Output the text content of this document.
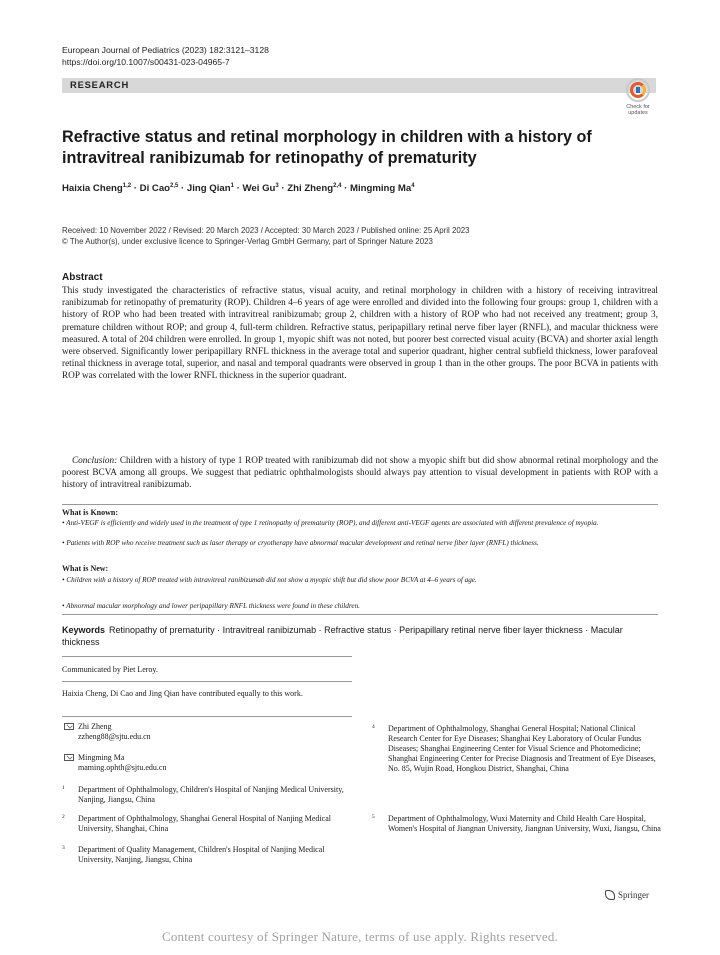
European Journal of Pediatrics (2023) 182:3121–3128
https://doi.org/10.1007/s00431-023-04965-7
RESEARCH
Check for updates
Refractive status and retinal morphology in children with a history of intravitreal ranibizumab for retinopathy of prematurity
Haixia Cheng$^{1,2}$ · Di Cao$^{2,5}$ · Jing Qian$^1$ · Wei $Gu^3$ · Zhi Zheng$^{2,4}$ · Mingming Ma$^4$
Received: 10 November 2022 / Revised: 20 March 2023 / Accepted: 30 March 2023 / Published online: 25 April 2023
© The Author(s), under exclusive licence to Springer-Verlag GmbH Germany, part of Springer Nature 2023
Abstract

This study investigated the characteristics of refractive status, visual acuity, and retinal morphology in children with a history of receiving intravitreal ranibizumab for retinopathy of prematurity (ROP). Children 4–6 years of age were enrolled and divided into the following four groups: group 1, children with a history of ROP who had been treated with intravitreal ranibizumab; group 2, children with a history of ROP who had not received any treatment; group 3, premature children without ROP; and group 4, full-term children. Refractive status, peripapillary retinal nerve fiber layer (RNFL), and macular thickness were measured. A total of 204 children were enrolled. In group 1, myopic shift was not noted, but poorer best corrected visual acuity (BCVA) and shorter axial length were observed. Significantly lower peripapillary RNFL thickness in the average total and superior quadrant, higher central subfield thickness, lower parafoveal retinal thickness in average total, superior, and nasal and temporal quadrants were observed in group 1 than in the other groups. The poor BCVA in patients with ROP was correlated with the lower RNFL thickness in the superior quadrant.

Conclusion: Children with a history of type 1 ROP treated with ranibizumab did not show a myopic shift but did show abnormal retinal morphology and the poorest BCVA among all groups. We suggest that pediatric ophthalmologists should always pay attention to visual development in patients with ROP with a history of intravitreal ranibizumab.

What is Known:

• Anti-VEGF is efficiently and widely used in the treatment of type 1 retinopathy of prematurity (ROP), and different anti-VEGF agents are associated with different prevalence of myopia.

• Patients with ROP who receive treatment such as laser therapy or cryotherapy have abnormal macular development and retinal nerve fiber layer (RNFL) thickness.

What is New:

• Children with a history of ROP treated with intravitreal ranibizumab did not show a myopic shift but did show poor BCVA at 4–6 years of age.

• Abnormal macular morphology and lower peripapillary RNFL thickness were found in these children.

Keywords Retinopathy of prematurity · Intravitreal ranibizumab · Refractive status · Peripapillary retinal nerve fiber layer thickness · Macular thickness
Communicated by Piet Leroy.
Haixia Cheng, Di Cao and Jing Qian have contributed equally to this work.
Zhi Zheng
zzheng88@sjtu.edu.cn
Mingming Ma
maming.ophth@sjtu.edu.cn
1 Department of Ophthalmology, Children's Hospital of Nanjing Medical University, Nanjing, Jiangsu, China
2 Department of Ophthalmology, Shanghai General Hospital of Nanjing Medical University, Shanghai, China
3 Department of Quality Management, Children's Hospital of Nanjing Medical University, Nanjing, Jiangsu, China
4 Department of Ophthalmology, Shanghai General Hospital; National Clinical Research Center for Eye Diseases; Shanghai Key Laboratory of Ocular Fundus Diseases; Shanghai Engineering Center for Visual Science and Photomedicine; Shanghai Engineering Center for Precise Diagnosis and Treatment of Eye Diseases, No. 85, Wujin Road, Hongkou District, Shanghai, China
5 Department of Ophthalmology, Wuxi Maternity and Child Health Care Hospital, Women's Hospital of Jiangnan University, Jiangnan University, Wuxi, Jiangsu, China
Springer
Content courtesy of Springer Nature, terms of use apply. Rights reserved.
